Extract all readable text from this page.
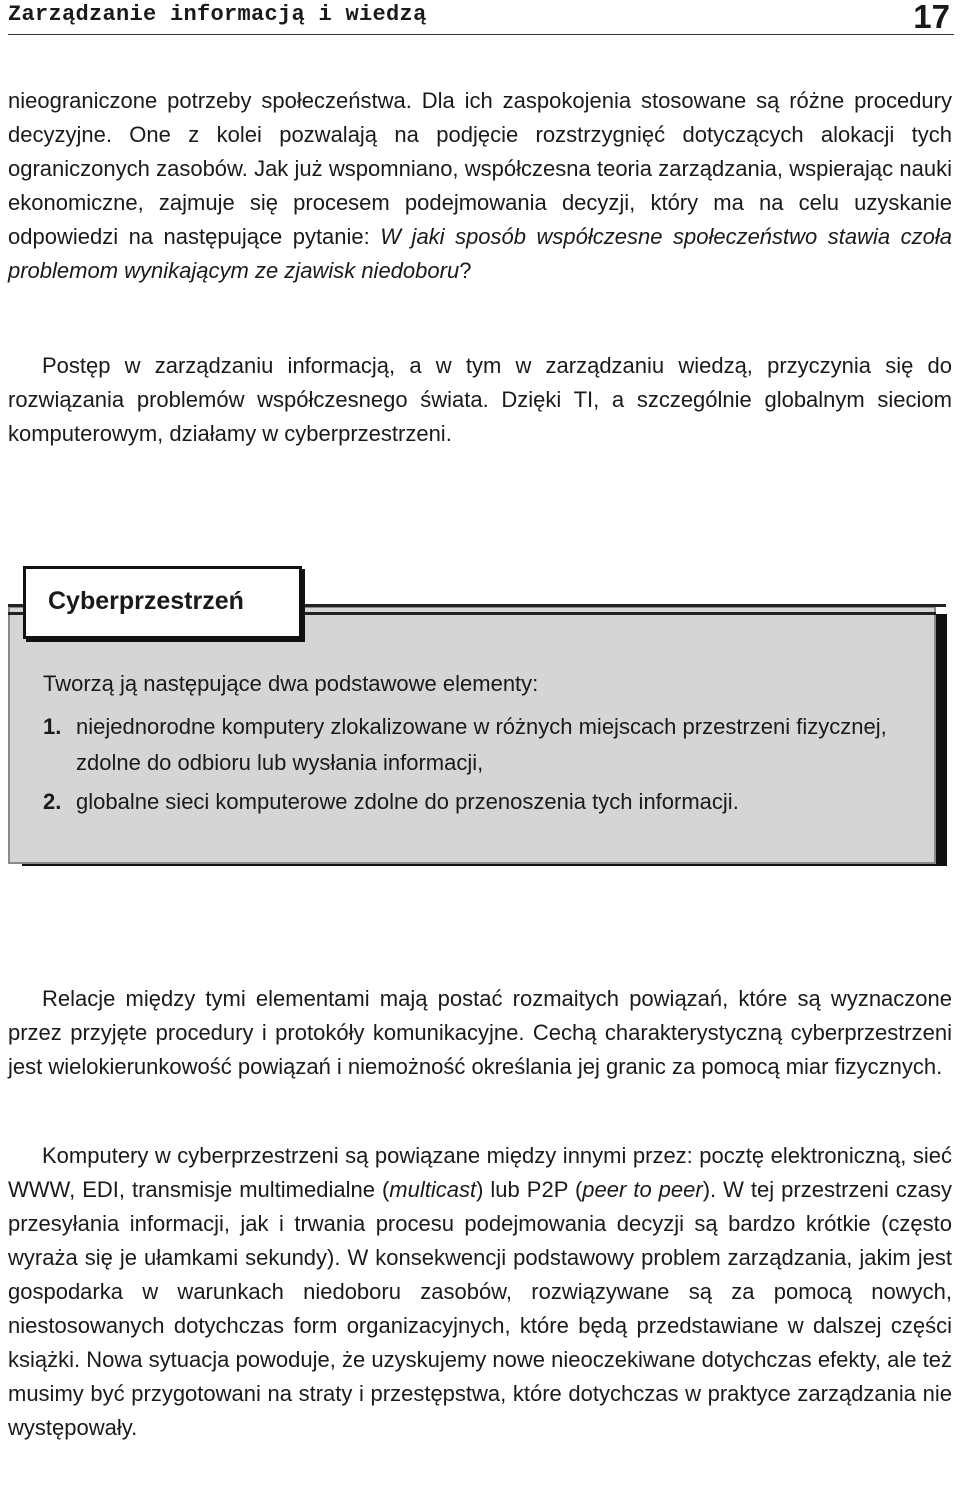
Zarządzanie informacją i wiedzą	17

nieograniczone potrzeby społeczeństwa. Dla ich zaspokojenia stosowane są różne procedury decyzyjne. One z kolei pozwalają na podjęcie rozstrzygnięć dotyczących alokacji tych ograniczonych zasobów. Jak już wspomniano, współczesna teoria zarządzania, wspierając nauki ekonomiczne, zajmuje się procesem podejmowania decyzji, który ma na celu uzyskanie odpowiedzi na następujące pytanie: W jaki sposób współczesne społeczeństwo stawia czoła problemom wynikającym ze zjawisk niedoboru?

Postęp w zarządzaniu informacją, a w tym w zarządzaniu wiedzą, przyczynia się do rozwiązania problemów współczesnego świata. Dzięki TI, a szczególnie globalnym sieciom komputerowym, działamy w cyberprzestrzeni.

Cyberprzestrzeń
Tworzą ją następujące dwa podstawowe elementy:
1. niejednorodne komputery zlokalizowane w różnych miejscach przestrzeni fizycznej, zdolne do odbioru lub wysłania informacji,
2. globalne sieci komputerowe zdolne do przenoszenia tych informacji.

Relacje między tymi elementami mają postać rozmaitych powiązań, które są wyznaczone przez przyjęte procedury i protokóły komunikacyjne. Cechą charakterystyczną cyberprzestrzeni jest wielokierunkowość powiązań i niemożność określania jej granic za pomocą miar fizycznych.

Komputery w cyberprzestrzeni są powiązane między innymi przez: pocztę elektroniczną, sieć WWW, EDI, transmisje multimedialne (multicast) lub P2P (peer to peer). W tej przestrzeni czasy przesyłania informacji, jak i trwania procesu podejmowania decyzji są bardzo krótkie (często wyraża się je ułamkami sekundy). W konsekwencji podstawowy problem zarządzania, jakim jest gospodarka w warunkach niedoboru zasobów, rozwiązywane są za pomocą nowych, niestosowanych dotychczas form organizacyjnych, które będą przedstawiane w dalszej części książki. Nowa sytuacja powoduje, że uzyskujemy nowe nieoczekiwane dotychczas efekty, ale też musimy być przygotowani na straty i przestępstwa, które dotychczas w praktyce zarządzania nie występowały.
